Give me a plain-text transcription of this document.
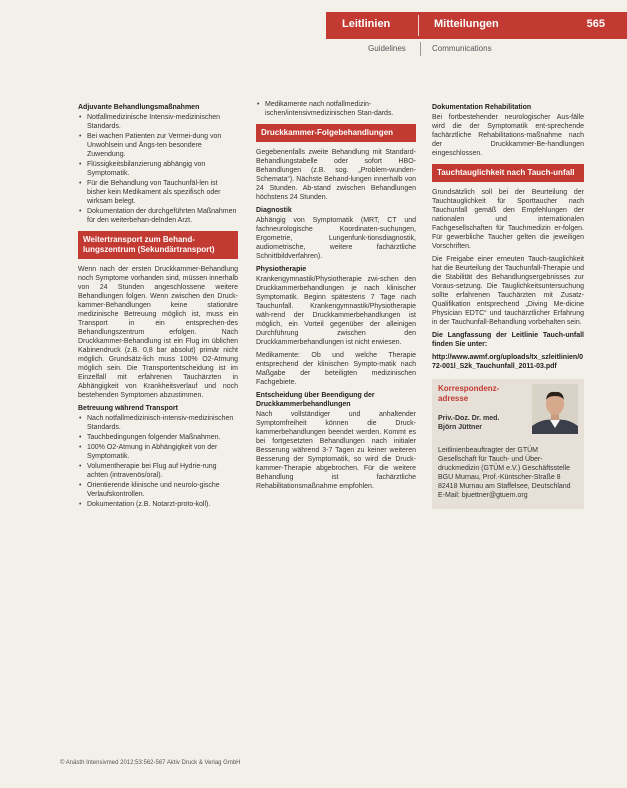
Leitlinien	Mitteilungen	565
Guidelines	Communications
Adjuvante Behandlungsmaßnahmen
• Notfallmedizinische Intensiv-medizinischen Standards.
• Bei wachen Patienten zur Vermei-dung von Unwohlsein und Ängs-ten besondere Zuwendung.
• Flüssigkeitsbilanzierung abhängig von Symptomatik.
• Für die Behandlung von Tauchunfäl-len ist bisher kein Medikament als spezifisch oder wirksam belegt.
• Dokumentation der durchgeführten Maßnahmen für den weiterbehan-delnden Arzt.
Weitertransport zum Behand-lungszentrum (Sekundärtransport)
Wenn nach der ersten Druckkammer-Behandlung noch Symptome vorhanden sind, müssen innerhalb von 24 Stunden angeschlossene weitere Behandlungen folgen. Wenn zwischen den Druck-kammer-Behandlungen keine stationäre medizinische Betreuung möglich ist, muss ein Transport in ein entsprechen-des Behandlungszentrum erfolgen. Nach Druckkammer-Behandlung ist ein Flug im üblichen Kabinendruck (z.B. 0,8 bar absolut) primär nicht möglich. Grundsätz-lich muss 100% O2-Atmung möglich sein. Die Transportentscheidung ist im Einzelfall mit erfahrenen Tauchärzten in Abhängigkeit von Krankheitsverlauf und noch bestehenden Symptomen abzustimmen.
Betreuung während Transport
• Nach notfallmedizinisch-intensiv-medizinischen Standards.
• Tauchbedingungen folgender Maßnahmen.
• 100% O2-Atmung in Abhängigkeit von der Symptomatik.
• Volumentherapie bei Flug auf Hydrie-rung achten (intravenös/oral).
• Orientierende klinische und neurolo-gische Verlaufskontrollen.
• Dokumentation (z.B. Notarzt-proto-koll).
• Medikamente nach notfallmedizin-ischen/intensivmedizinischen Stan-dards.
Druckkammer-Folgebehandlungen
Gegebenenfalls zweite Behandlung mit Standard-Behandlungstabelle oder sofort HBO-Behandlungen (z.B. sog. „Problem-wunden-Schemata“). Nächste Behand-lungen innerhalb von 24 Stunden. Ab-stand zwischen Behandlungen höchstens 24 Stunden.
Diagnostik
Abhängig von Symptomatik (MRT, CT und fachneurologische Koordinaten-suchungen, Ergometrie, Lungenfunk-tionsdiagnostik, audiometrische, weitere fachärztliche Schnittbildverfahren).
Physiotherapie
Krankengymnastik/Physiotherapie zwi-schen den Druckkammerbehandlungen je nach klinischer Symptomatik. Beginn spätestens 7 Tage nach Tauchunfall. Krankengymnastik/Physiotherapie wäh-rend der Druckkammerbehandlungen ist möglich, ein Vorteil gegenüber der alleinigen Durchführung zwischen den Druckkammerbehandlungen ist nicht erwiesen.
Medikamente: Ob und welche Therapie entsprechend der klinischen Sympto-matik nach Maßgabe der beteiligten medizinischen Fachgebiete.
Entscheidung über Beendigung der Druckkammerbehandlungen
Nach vollständiger und anhaltender Symptomfreiheit können die Druck-kammerbehandlungen beendet werden. Kommt es bei fortgesetzten Behandlungen nach initialer Besserung während 3-7 Tagen zu keiner weiteren Besserung der Symptomatik, so wird die Druck-kammer-Therapie abgebrochen. Für die weitere Behandlung ist fachärztliche Rehabilitationsmaßnahme empfohlen.
Dokumentation Rehabilitation
Bei fortbestehender neurologischer Aus-fälle wird die der Symptomatik ent-sprechende fachärztliche Rehabilitations-maßnahme nach der Druckkammer-Be-handlungen eingeschlossen.
Tauchtauglichkeit nach Tauch-unfall
Grundsätzlich soll bei der Beurteilung der Tauchtauglichkeit für Sporttaucher nach Tauchunfall gemäß den Empfehlungen der nationalen und internationalen Fachgesellschaften für Tauchmedizin er-folgen. Für gewerbliche Taucher gelten die jeweiligen Vorschriften.
Die Freigabe einer erneuten Tauch-tauglichkeit hat die Beurteilung der Tauchunfall-Therapie und die Stabilität des Behandlungsergebnisses zur Voraus-setzung. Die Tauglichkeitsuntersuchung sollte erfahrenen Tauchärzten mit Zusatz-Qualifikation entsprechend „Diving Me-dicine Physician EDTC“ und tauchärztlicher Erfahrung in der Tauchunfall-Behandlung vorbehalten sein.
Die Langfassung der Leitlinie Tauch-unfall finden Sie unter:
http://www.awmf.org/uploads/tx_szleitlinien/072-001l_S2k_Tauchunfall_2011-03.pdf
Korrespondenz-adresse
Priv.-Doz. Dr. med. Björn Jüttner
Leitlinienbeauftragter der GTÜM Gesellschaft für Tauch- und Über-druckmedizin (GTÜM e.V.) Geschäftsstelle BGU Murnau, Prof.-Küntscher-Straße 8 82418 Murnau am Staffelsee, Deutschland E-Mail: bjuettner@gtuem.org
© Anästh Intensivmed 2012;53:562-567 Aktiv Druck & Verlag GmbH
